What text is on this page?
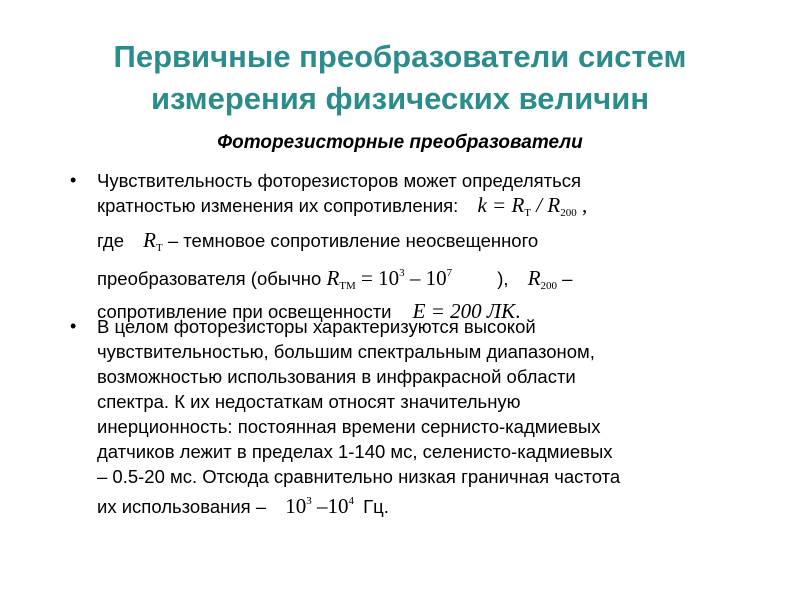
Первичные преобразователи систем
измерения физических величин
Фоторезисторные преобразователи
• Чувствительность фоторезисторов может определяться
кратностью изменения их сопротивления: $k = R_T / R_{200}$ ,
где $R_T$ – темновое сопротивление неосвещенного
преобразователя (обычно $R_{TM} = 10^3 - 10^7$ ), $R_{200}$ –
сопротивление при освещенности E = 200 ЛК.
• В целом фоторезисторы характеризуются высокой
чувствительностью, большим спектральным диапазоном,
возможностью использования в инфракрасной области
спектра. К их недостаткам относят значительную
инерционность: постоянная времени сернисто-кадмиевых
датчиков лежит в пределах 1-140 мс, селенисто-кадмиевых
– 0.5-20 мс. Отсюда сравнительно низкая граничная частота
их использования – $10^3$ $-10^4$ Гц.
